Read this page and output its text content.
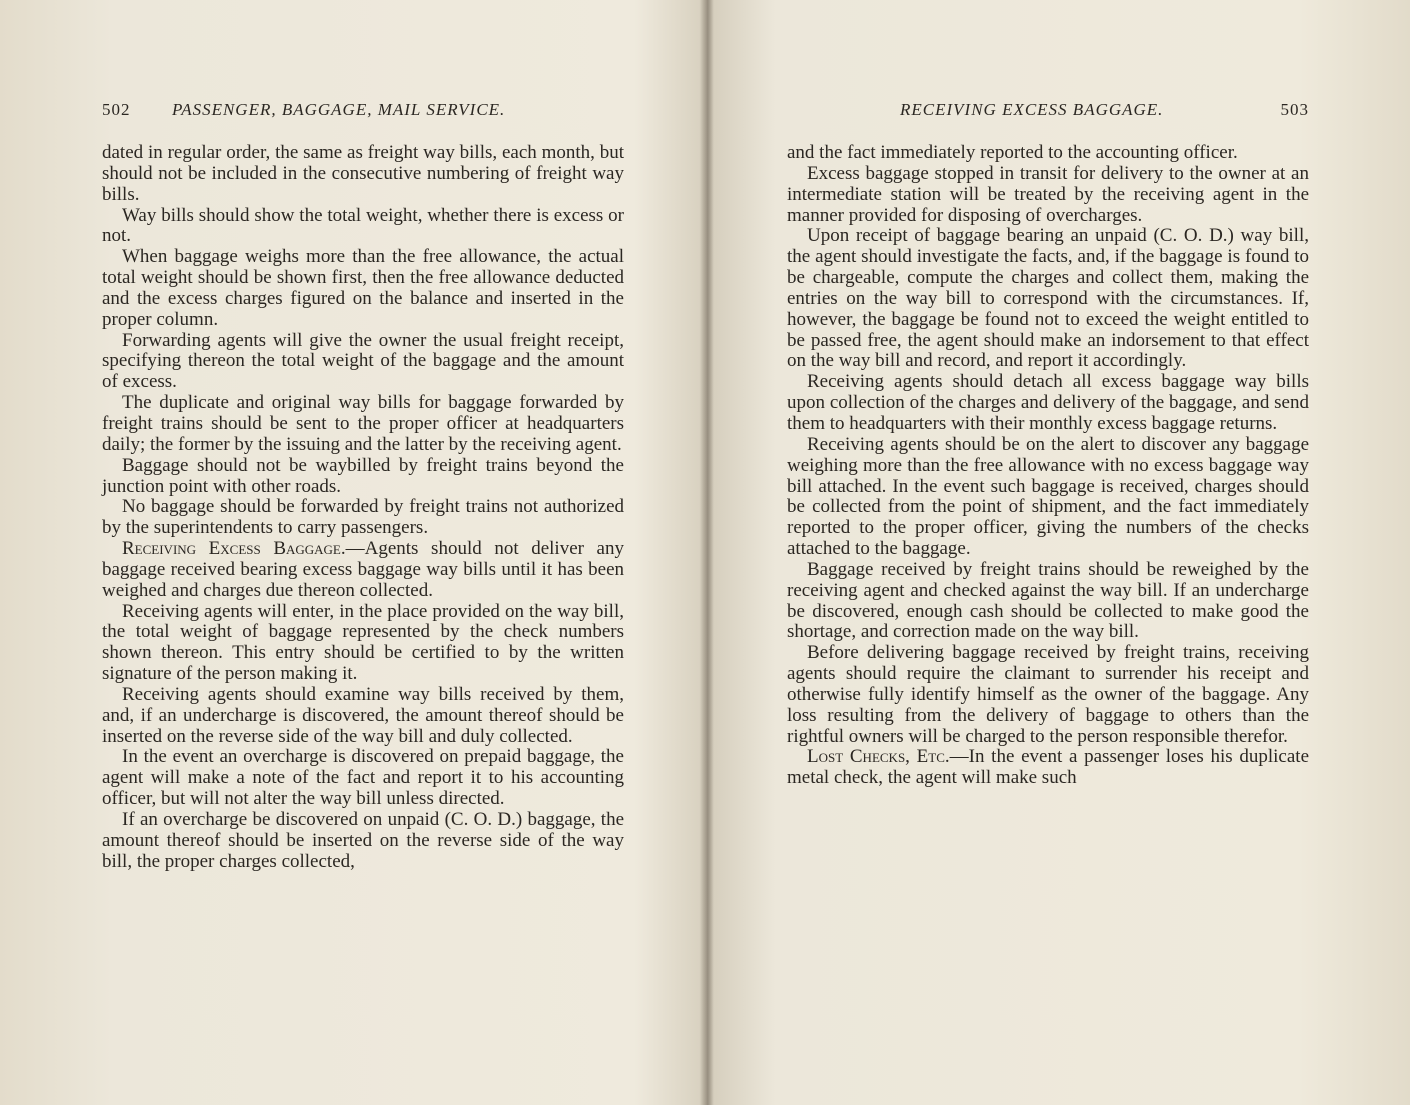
502 PASSENGER, BAGGAGE, MAIL SERVICE.

dated in regular order, the same as freight way bills, each month, but should not be included in the consecutive numbering of freight way bills.

Way bills should show the total weight, whether there is excess or not.

When baggage weighs more than the free allowance, the actual total weight should be shown first, then the free allowance deducted and the excess charges figured on the balance and inserted in the proper column.

Forwarding agents will give the owner the usual freight receipt, specifying thereon the total weight of the baggage and the amount of excess.

The duplicate and original way bills for baggage forwarded by freight trains should be sent to the proper officer at headquarters daily; the former by the issuing and the latter by the receiving agent.

Baggage should not be waybilled by freight trains beyond the junction point with other roads.

No baggage should be forwarded by freight trains not authorized by the superintendents to carry passengers.

Receiving Excess Baggage.—Agents should not deliver any baggage received bearing excess baggage way bills until it has been weighed and charges due thereon collected.

Receiving agents will enter, in the place provided on the way bill, the total weight of baggage represented by the check numbers shown thereon. This entry should be certified to by the written signature of the person making it.

Receiving agents should examine way bills received by them, and, if an undercharge is discovered, the amount thereof should be inserted on the reverse side of the way bill and duly collected.

In the event an overcharge is discovered on prepaid baggage, the agent will make a note of the fact and report it to his accounting officer, but will not alter the way bill unless directed.

If an overcharge be discovered on unpaid (C. O. D.) baggage, the amount thereof should be inserted on the reverse side of the way bill, the proper charges collected,

RECEIVING EXCESS BAGGAGE.	503

and the fact immediately reported to the accounting officer.

Excess baggage stopped in transit for delivery to the owner at an intermediate station will be treated by the receiving agent in the manner provided for disposing of overcharges.

Upon receipt of baggage bearing an unpaid (C. O. D.) way bill, the agent should investigate the facts, and, if the baggage is found to be chargeable, compute the charges and collect them, making the entries on the way bill to correspond with the circumstances. If, however, the baggage be found not to exceed the weight entitled to be passed free, the agent should make an indorsement to that effect on the way bill and record, and report it accordingly.

Receiving agents should detach all excess baggage way bills upon collection of the charges and delivery of the baggage, and send them to headquarters with their monthly excess baggage returns.

Receiving agents should be on the alert to discover any baggage weighing more than the free allowance with no excess baggage way bill attached. In the event such baggage is received, charges should be collected from the point of shipment, and the fact immediately reported to the proper officer, giving the numbers of the checks attached to the baggage.

Baggage received by freight trains should be reweighed by the receiving agent and checked against the way bill. If an undercharge be discovered, enough cash should be collected to make good the shortage, and correction made on the way bill.

Before delivering baggage received by freight trains, receiving agents should require the claimant to surrender his receipt and otherwise fully identify himself as the owner of the baggage. Any loss resulting from the delivery of baggage to others than the rightful owners will be charged to the person responsible therefor.

Lost Checks, Etc.—In the event a passenger loses his duplicate metal check, the agent will make such
